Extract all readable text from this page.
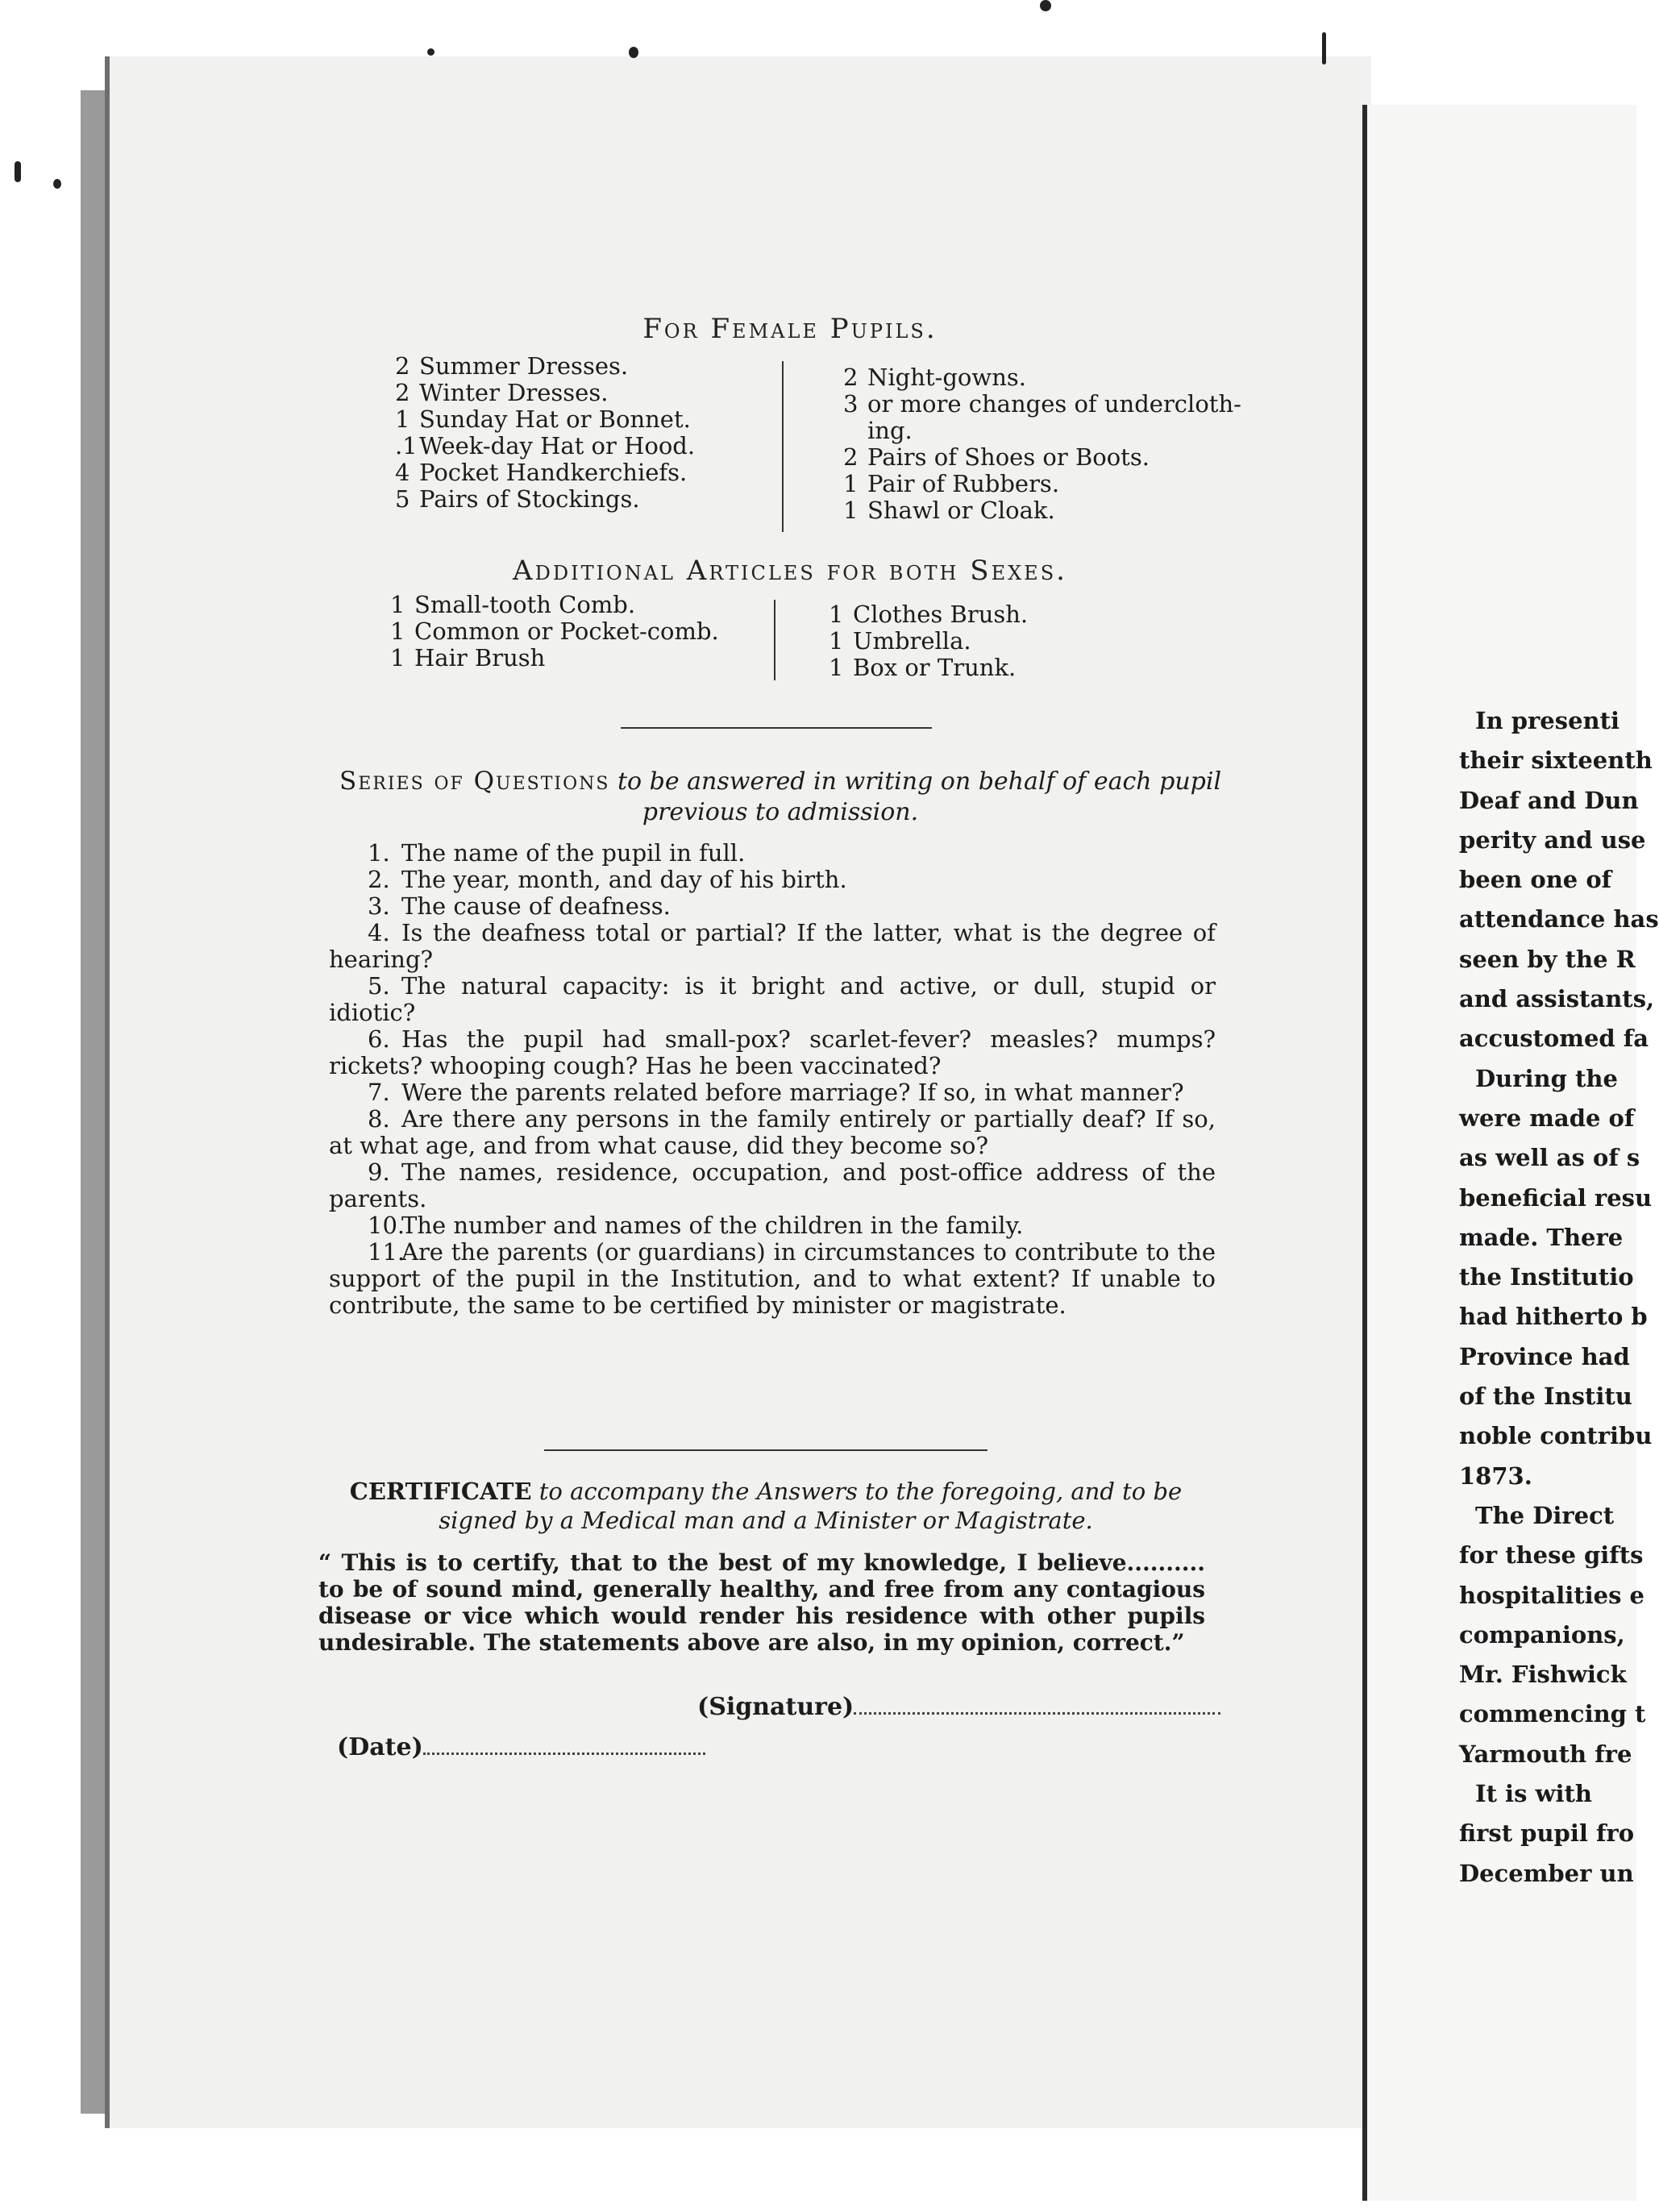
For Female Pupils.
2 Summer Dresses.
2 Winter Dresses.
1 Sunday Hat or Bonnet.
.1Week-day Hat or Hood.
4 Pocket Handkerchiefs.
5 Pairs of Stockings.
2 Night-gowns.
3 or more changes of undercloth-
ing.
2 Pairs of Shoes or Boots.
1 Pair of Rubbers.
1 Shawl or Cloak.
Additional Articles for both Sexes.
1 Small-tooth Comb.
1 Common or Pocket-comb.
1 Hair Brush
1 Clothes Brush.
1 Umbrella.
1 Box or Trunk.
Series of Questions to be answered in writing on behalf of each pupil previous to admission.

1. The name of the pupil in full.

2. The year, month, and day of his birth.

3. The cause of deafness.

4. Is the deafness total or partial? If the latter, what is the degree of hearing?

5. The natural capacity: is it bright and active, or dull, stupid or idiotic?

6. Has the pupil had small-pox? scarlet-fever? measles? mumps? rickets? whooping cough? Has he been vaccinated?

7. Were the parents related before marriage? If so, in what manner?

8. Are there any persons in the family entirely or partially deaf? If so, at what age, and from what cause, did they become so?

9. The names, residence, occupation, and post-office address of the parents.

10.The number and names of the children in the family.

11.Are the parents (or guardians) in circumstances to contribute to the support of the pupil in the Institution, and to what extent? If unable to contribute, the same to be certified by minister or magistrate.

CERTIFICATE to accompany the Answers to the foregoing, and to be signed by a Medical man and a Minister or Magistrate.
“ This is to certify, that to the best of my knowledge, I believe.......... to be of sound mind, generally healthy, and free from any contagious disease or vice which would render his residence with other pupils undesirable. The statements above are also, in my opinion, correct.”
(Signature)
(Date)
In presenti
their sixteenth
Deaf and Dun
perity and use
been one of
attendance has
seen by the R
and assistants,
accustomed fa
During the
were made of
as well as of s
beneficial resu
made. There
the Institutio
had hitherto b
Province had
of the Institu
noble contribu
1873.
The Direct
for these gifts
hospitalities e
companions,
Mr. Fishwick
commencing t
Yarmouth fre
It is with
first pupil fro
December un
